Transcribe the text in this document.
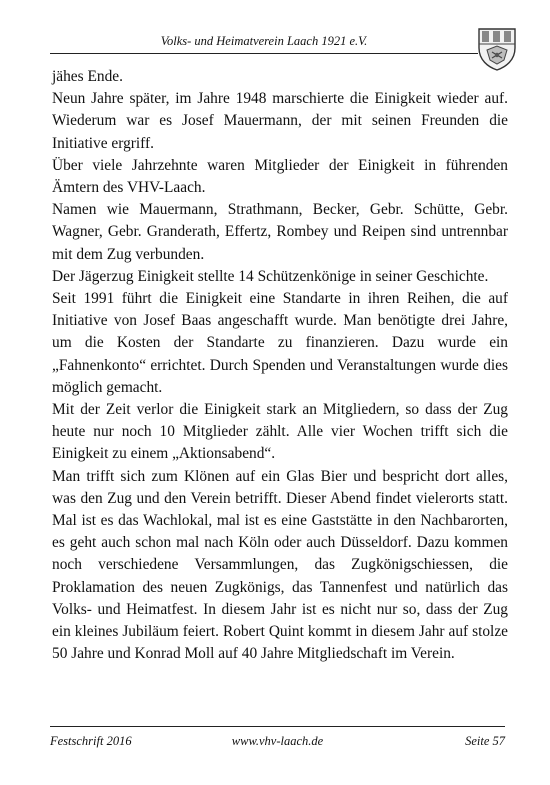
Volks- und Heimatverein Laach 1921 e.V.

jähes Ende.

Neun Jahre später, im Jahre 1948 marschierte die Einigkeit wieder auf. Wiederum war es Josef Mauermann, der mit seinen Freunden die Initiative ergriff.

Über viele Jahrzehnte waren Mitglieder der Einigkeit in führenden Ämtern des VHV-Laach.

Namen wie Mauermann, Strathmann, Becker, Gebr. Schütte, Gebr. Wagner, Gebr. Granderath, Effertz, Rombey und Reipen sind untrennbar mit dem Zug verbunden.

Der Jägerzug Einigkeit stellte 14 Schützenkönige in seiner Geschichte.

Seit 1991 führt die Einigkeit eine Standarte in ihren Reihen, die auf Initiative von Josef Baas angeschafft wurde. Man benötigte drei Jahre, um die Kosten der Standarte zu finanzieren. Dazu wurde ein „Fahnenkonto“ errichtet. Durch Spenden und Veranstaltungen wurde dies möglich gemacht.

Mit der Zeit verlor die Einigkeit stark an Mitgliedern, so dass der Zug heute nur noch 10 Mitglieder zählt. Alle vier Wochen trifft sich die Einigkeit zu einem „Aktionsabend“.

Man trifft sich zum Klönen auf ein Glas Bier und bespricht dort alles, was den Zug und den Verein betrifft. Dieser Abend findet vielerorts statt. Mal ist es das Wachlokal, mal ist es eine Gaststätte in den Nachbarorten, es geht auch schon mal nach Köln oder auch Düsseldorf. Dazu kommen noch verschiedene Versammlungen, das Zugkönigschiessen, die Proklamation des neuen Zugkönigs, das Tannenfest und natürlich das Volks- und Heimatfest. In diesem Jahr ist es nicht nur so, dass der Zug ein kleines Jubiläum feiert. Robert Quint kommt in diesem Jahr auf stolze 50 Jahre und Konrad Moll auf 40 Jahre Mitgliedschaft im Verein.

Festschrift 2016	www.vhv-laach.de	Seite 57
